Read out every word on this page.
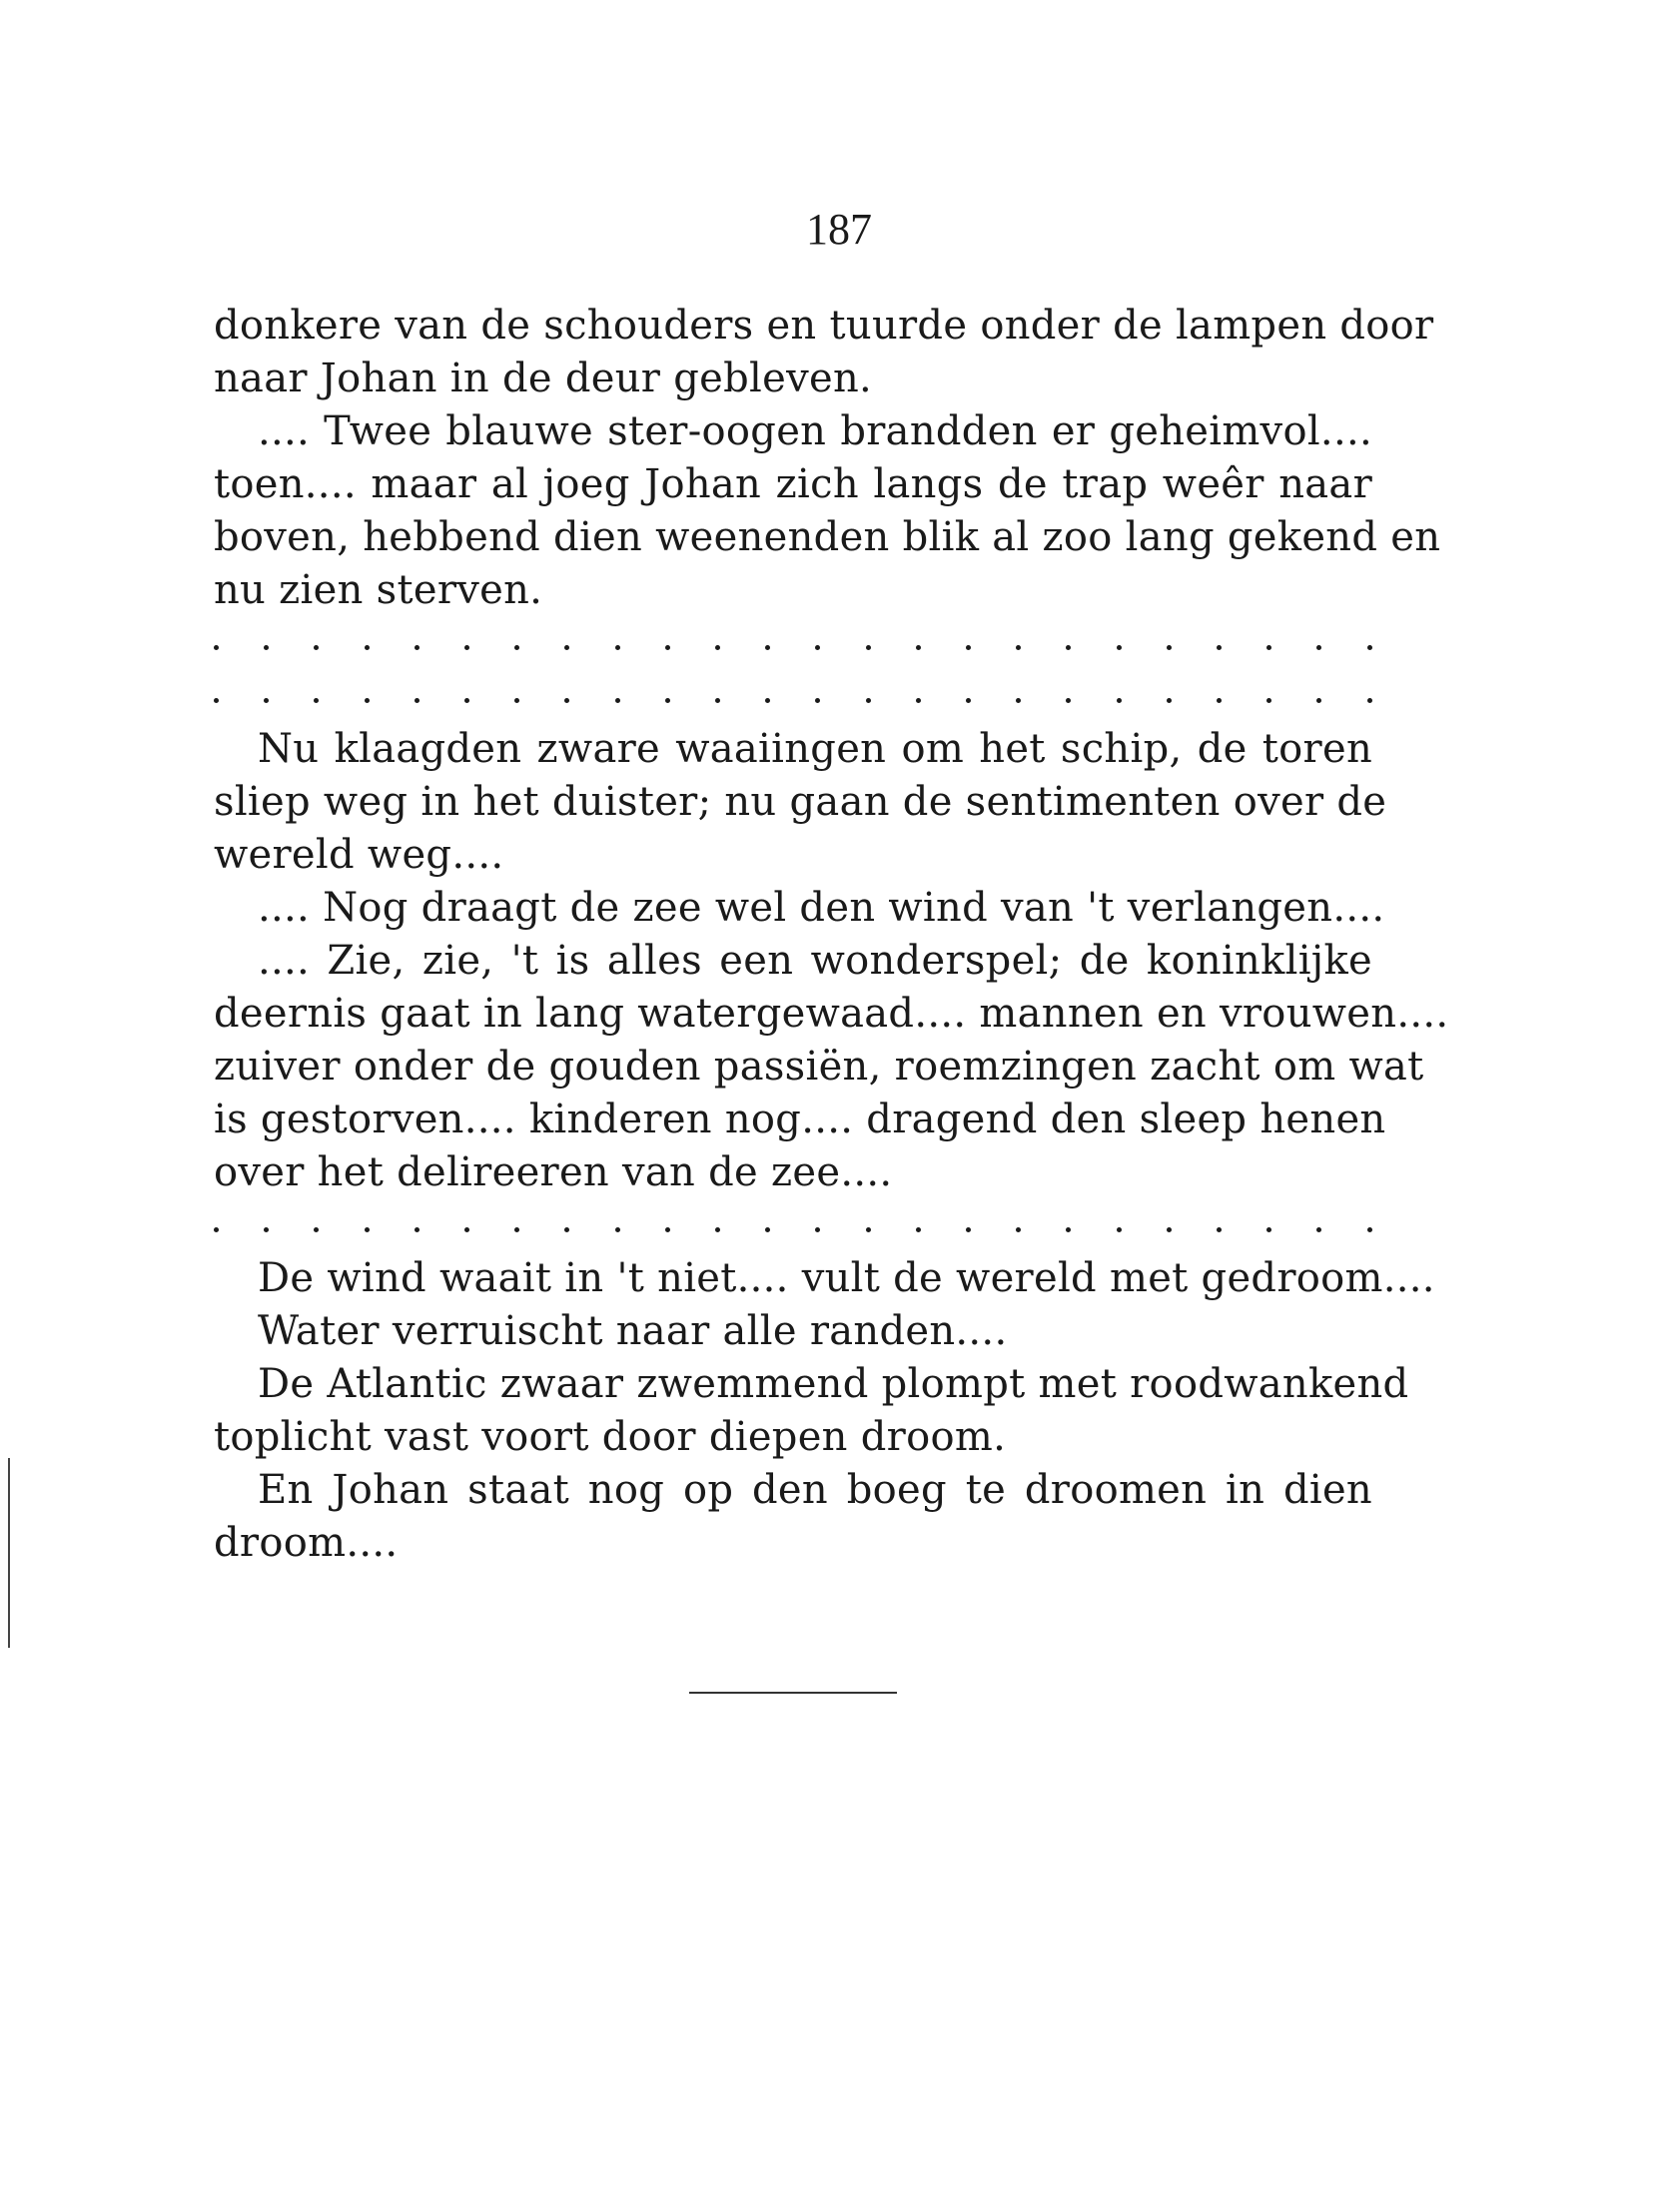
187
donkere van de schouders en tuurde onder de lampen door
naar Johan in de deur gebleven.
.... Twee blauwe ster-oogen brandden er geheimvol....
toen.... maar al joeg Johan zich langs de trap weêr naar
boven, hebbend dien weenenden blik al zoo lang gekend en
nu zien sterven.
Nu klaagden zware waaiingen om het schip, de toren
sliep weg in het duister; nu gaan de sentimenten over de
wereld weg....
.... Nog draagt de zee wel den wind van 't verlangen....
.... Zie, zie, 't is alles een wonderspel; de koninklijke
deernis gaat in lang watergewaad.... mannen en vrouwen....
zuiver onder de gouden passiën, roemzingen zacht om wat
is gestorven.... kinderen nog.... dragend den sleep henen
over het delireeren van de zee....
De wind waait in 't niet.... vult de wereld met gedroom....
Water verruischt naar alle randen....
De Atlantic zwaar zwemmend plompt met roodwankend
toplicht vast voort door diepen droom.
En Johan staat nog op den boeg te droomen in dien
droom....
